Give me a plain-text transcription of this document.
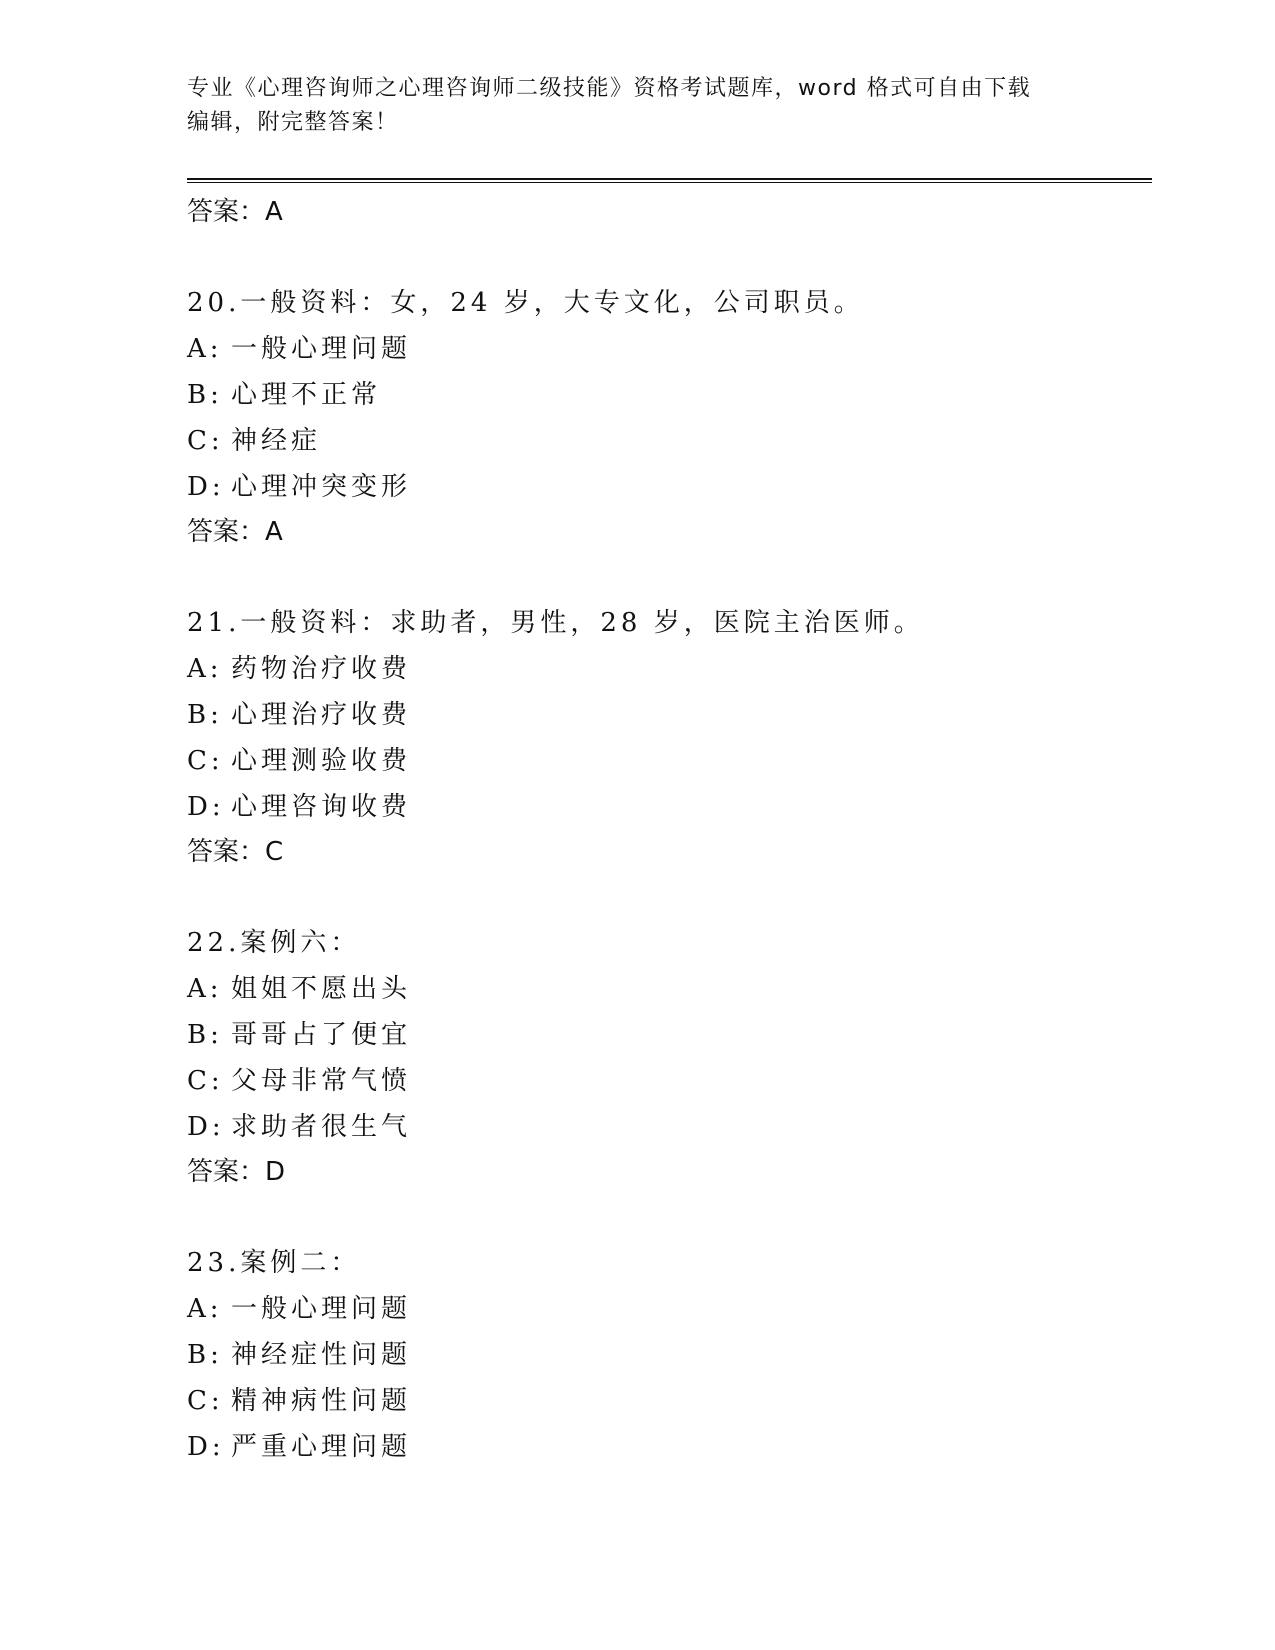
专业《心理咨询师之心理咨询师二级技能》资格考试题库，word 格式可自由下载
编辑，附完整答案！
答案：A
20.一般资料：女，24 岁，大专文化，公司职员。
A: 一般心理问题
B: 心理不正常
C: 神经症
D: 心理冲突变形
答案：A
21.一般资料：求助者，男性，28 岁，医院主治医师。
A: 药物治疗收费
B: 心理治疗收费
C: 心理测验收费
D: 心理咨询收费
答案：C
22.案例六：
A: 姐姐不愿出头
B: 哥哥占了便宜
C: 父母非常气愤
D: 求助者很生气
答案：D
23.案例二：
A: 一般心理问题
B: 神经症性问题
C: 精神病性问题
D: 严重心理问题
